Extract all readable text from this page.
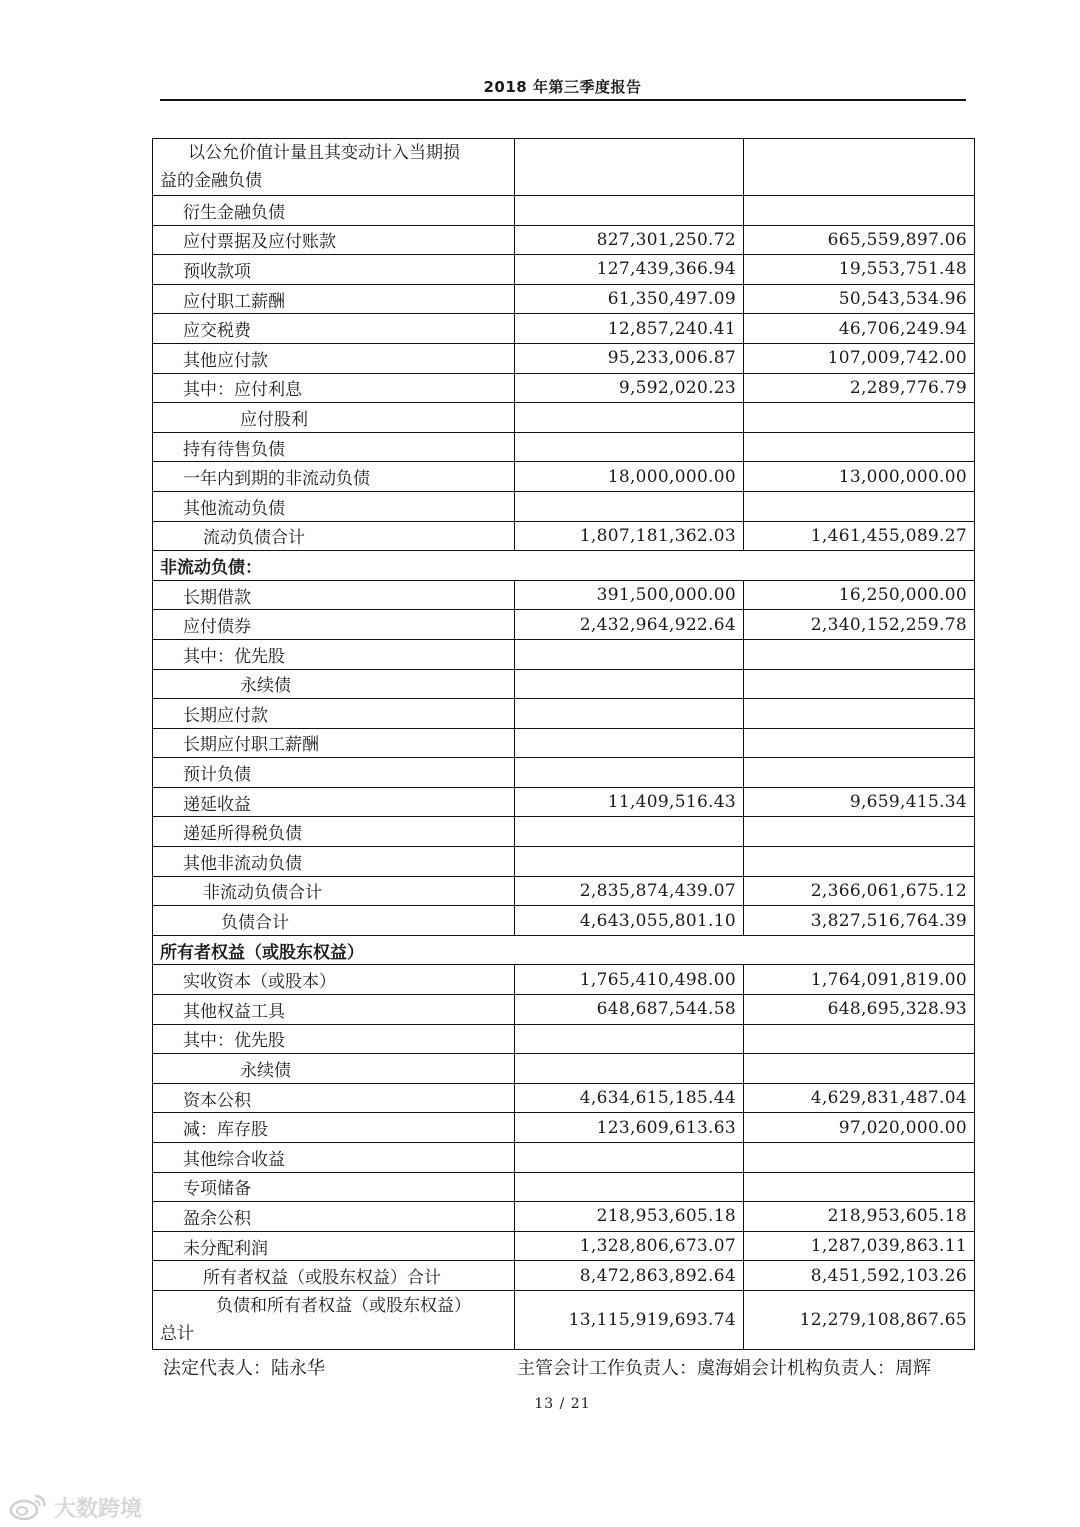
2018 年第三季度报告
以公允价值计量且其变动计入当期损
益的金融负债		
衍生金融负债		
应付票据及应付账款	827,301,250.72	665,559,897.06
预收款项	127,439,366.94	19,553,751.48
应付职工薪酬	61,350,497.09	50,543,534.96
应交税费	12,857,240.41	46,706,249.94
其他应付款	95,233,006.87	107,009,742.00
其中：应付利息	9,592,020.23	2,289,776.79
应付股利		
持有待售负债		
一年内到期的非流动负债	18,000,000.00	13,000,000.00
其他流动负债		
流动负债合计	1,807,181,362.03	1,461,455,089.27
非流动负债：		
长期借款	391,500,000.00	16,250,000.00
应付债券	2,432,964,922.64	2,340,152,259.78
其中：优先股		
永续债		
长期应付款		
长期应付职工薪酬		
预计负债		
递延收益	11,409,516.43	9,659,415.34
递延所得税负债		
其他非流动负债		
非流动负债合计	2,835,874,439.07	2,366,061,675.12
负债合计	4,643,055,801.10	3,827,516,764.39
所有者权益（或股东权益）		
实收资本（或股本）	1,765,410,498.00	1,764,091,819.00
其他权益工具	648,687,544.58	648,695,328.93
其中：优先股		
永续债		
资本公积	4,634,615,185.44	4,629,831,487.04
减：库存股	123,609,613.63	97,020,000.00
其他综合收益		
专项储备		
盈余公积	218,953,605.18	218,953,605.18
未分配利润	1,328,806,673.07	1,287,039,863.11
所有者权益（或股东权益）合计	8,472,863,892.64	8,451,592,103.26

负债和所有者权益（或股东权益）
总计	13,115,919,693.74	12,279,108,867.65
法定代表人：陆永华	主管会计工作负责人：虞海娟会计机构负责人：周辉
13 / 21
大数跨境
